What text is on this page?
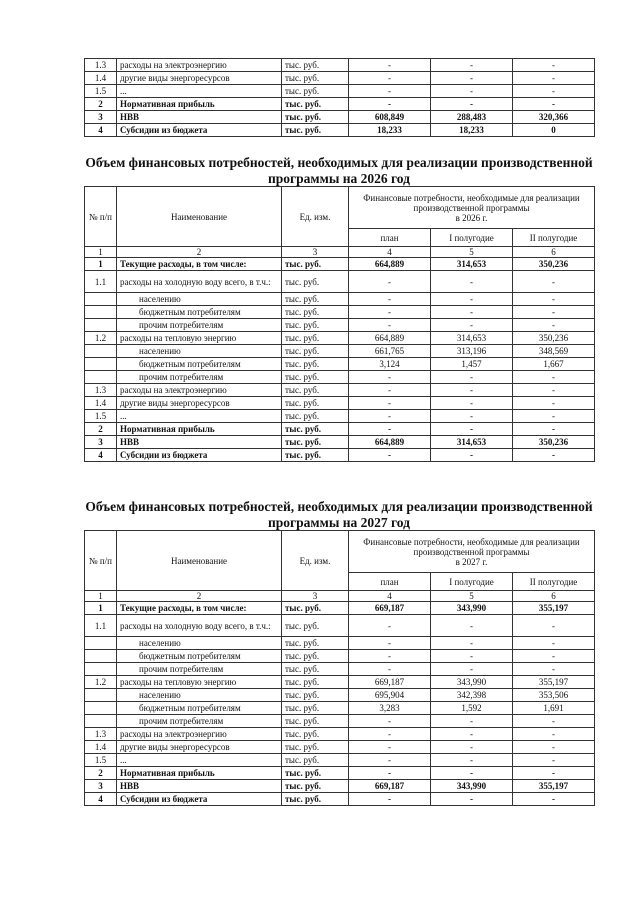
1.3	расходы на электроэнергию	тыс. руб.	-	-	-
1.4	другие виды энергоресурсов	тыс. руб.	-	-	-
1.5	...	тыс. руб.	-	-	-
2	Нормативная прибыль	тыс. руб.	-	-	-
3	НВВ	тыс. руб.	608,849	288,483	320,366
4	Субсидии из бюджета	тыс. руб.	18,233	18,233	0
Объем финансовых потребностей, необходимых для реализации производственной программы на 2026 год
№ п/п	Наименование	Ед. изм.	Финансовые потребности, необходимые для реализации производственной программы
в 2026 г.		
			план	I полугодие	II полугодие
1	2	3	4	5	6
1	Текущие расходы, в том числе:	тыс. руб.	664,889	314,653	350,236
1.1	расходы на холодную воду всего, в т.ч.:	тыс. руб.	-	-	-
	населению	тыс. руб.	-	-	-
	бюджетным потребителям	тыс. руб.	-	-	-
	прочим потребителям	тыс. руб.	-	-	-
1.2	расходы на тепловую энергию	тыс. руб.	664,889	314,653	350,236
	населению	тыс. руб.	661,765	313,196	348,569
	бюджетным потребителям	тыс. руб.	3,124	1,457	1,667
	прочим потребителям	тыс. руб.	-	-	-
1.3	расходы на электроэнергию	тыс. руб.	-	-	-
1.4	другие виды энергоресурсов	тыс. руб.	-	-	-
1.5	...	тыс. руб.	-	-	-
2	Нормативная прибыль	тыс. руб.	-	-	-
3	НВВ	тыс. руб.	664,889	314,653	350,236
4	Субсидии из бюджета	тыс. руб.	-	-	-
Объем финансовых потребностей, необходимых для реализации производственной программы на 2027 год
№ п/п	Наименование	Ед. изм.	Финансовые потребности, необходимые для реализации производственной программы
в 2027 г.		
			план	I полугодие	II полугодие
1	2	3	4	5	6
1	Текущие расходы, в том числе:	тыс. руб.	669,187	343,990	355,197
1.1	расходы на холодную воду всего, в т.ч.:	тыс. руб.	-	-	-
	населению	тыс. руб.	-	-	-
	бюджетным потребителям	тыс. руб.	-	-	-
	прочим потребителям	тыс. руб.	-	-	-
1.2	расходы на тепловую энергию	тыс. руб.	669,187	343,990	355,197
	населению	тыс. руб.	695,904	342,398	353,506
	бюджетным потребителям	тыс. руб.	3,283	1,592	1,691
	прочим потребителям	тыс. руб.	-	-	-
1.3	расходы на электроэнергию	тыс. руб.	-	-	-
1.4	другие виды энергоресурсов	тыс. руб.	-	-	-
1.5	...	тыс. руб.	-	-	-
2	Нормативная прибыль	тыс. руб.	-	-	-
3	НВВ	тыс. руб.	669,187	343,990	355,197
4	Субсидии из бюджета	тыс. руб.	-	-	-
